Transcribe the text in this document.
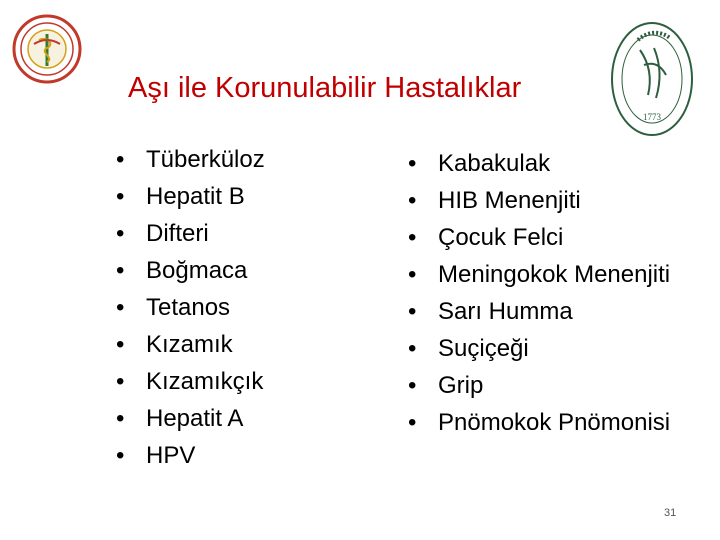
1773
Aşı ile Korunulabilir Hastalıklar
• Tüberküloz
• Hepatit B
• Difteri
• Boğmaca
• Tetanos
• Kızamık
• Kızamıkçık
• Hepatit A
• HPV
• Kabakulak
• HIB Menenjiti
• Çocuk Felci
• Meningokok Menenjiti
• Sarı Humma
• Suçiçeği
• Grip
• Pnömokok Pnömonisi
31
